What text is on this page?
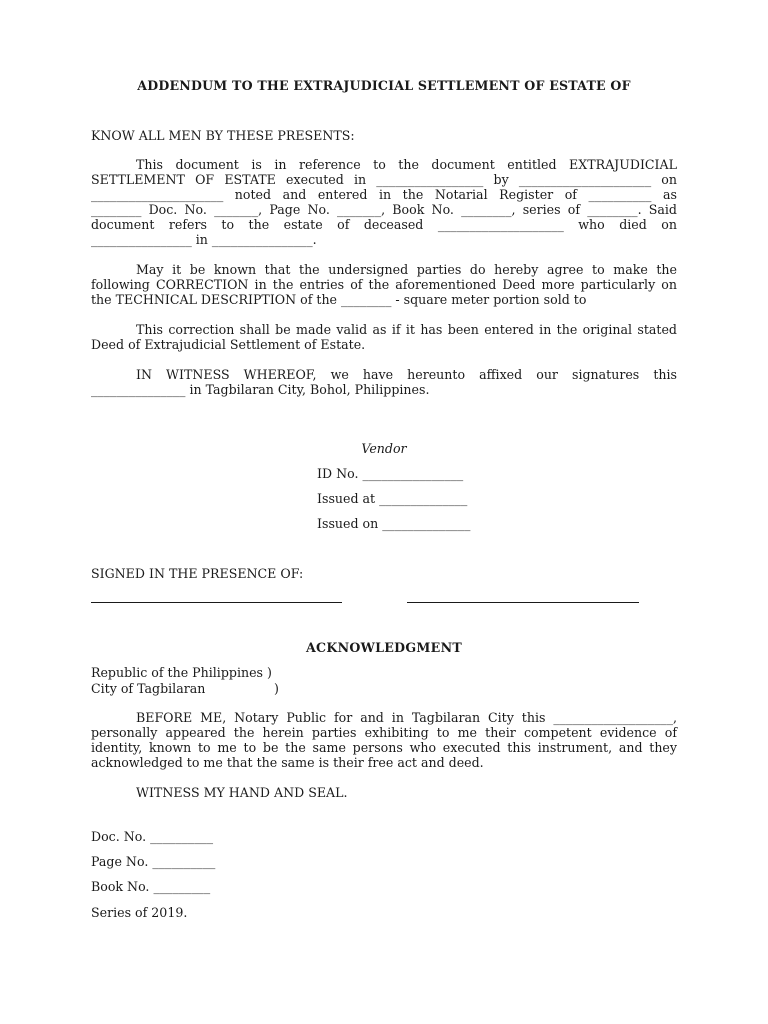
ADDENDUM TO THE EXTRAJUDICIAL SETTLEMENT OF ESTATE OF
KNOW ALL MEN BY THESE PRESENTS:
This document is in reference to the document entitled EXTRAJUDICIAL
SETTLEMENT OF ESTATE executed in _________________ by _____________________ on
_____________________ noted and entered in the Notarial Register of __________ as
________ Doc. No. _______, Page No. _______, Book No. ________, series of ________. Said
document refers to the estate of deceased ____________________ who died on
________________ in ________________.
May it be known that the undersigned parties do hereby agree to make the
following CORRECTION in the entries of the aforementioned Deed more particularly on
the TECHNICAL DESCRIPTION of the ________ - square meter portion sold to
This correction shall be made valid as if it has been entered in the original stated
Deed of Extrajudicial Settlement of Estate.
IN WITNESS WHEREOF, we have hereunto affixed our signatures this
_______________ in Tagbilaran City, Bohol, Philippines.
Vendor
ID No. ________________
Issued at ______________
Issued on ______________
SIGNED IN THE PRESENCE OF:
ACKNOWLEDGMENT
Republic of the Philippines )
City of Tagbilaran	)
BEFORE ME, Notary Public for and in Tagbilaran City this ___________________,
personally appeared the herein parties exhibiting to me their competent evidence of
identity, known to me to be the same persons who executed this instrument, and they
acknowledged to me that the same is their free act and deed.
WITNESS MY HAND AND SEAL.
Doc. No. __________
Page No. __________
Book No. _________
Series of 2019.
